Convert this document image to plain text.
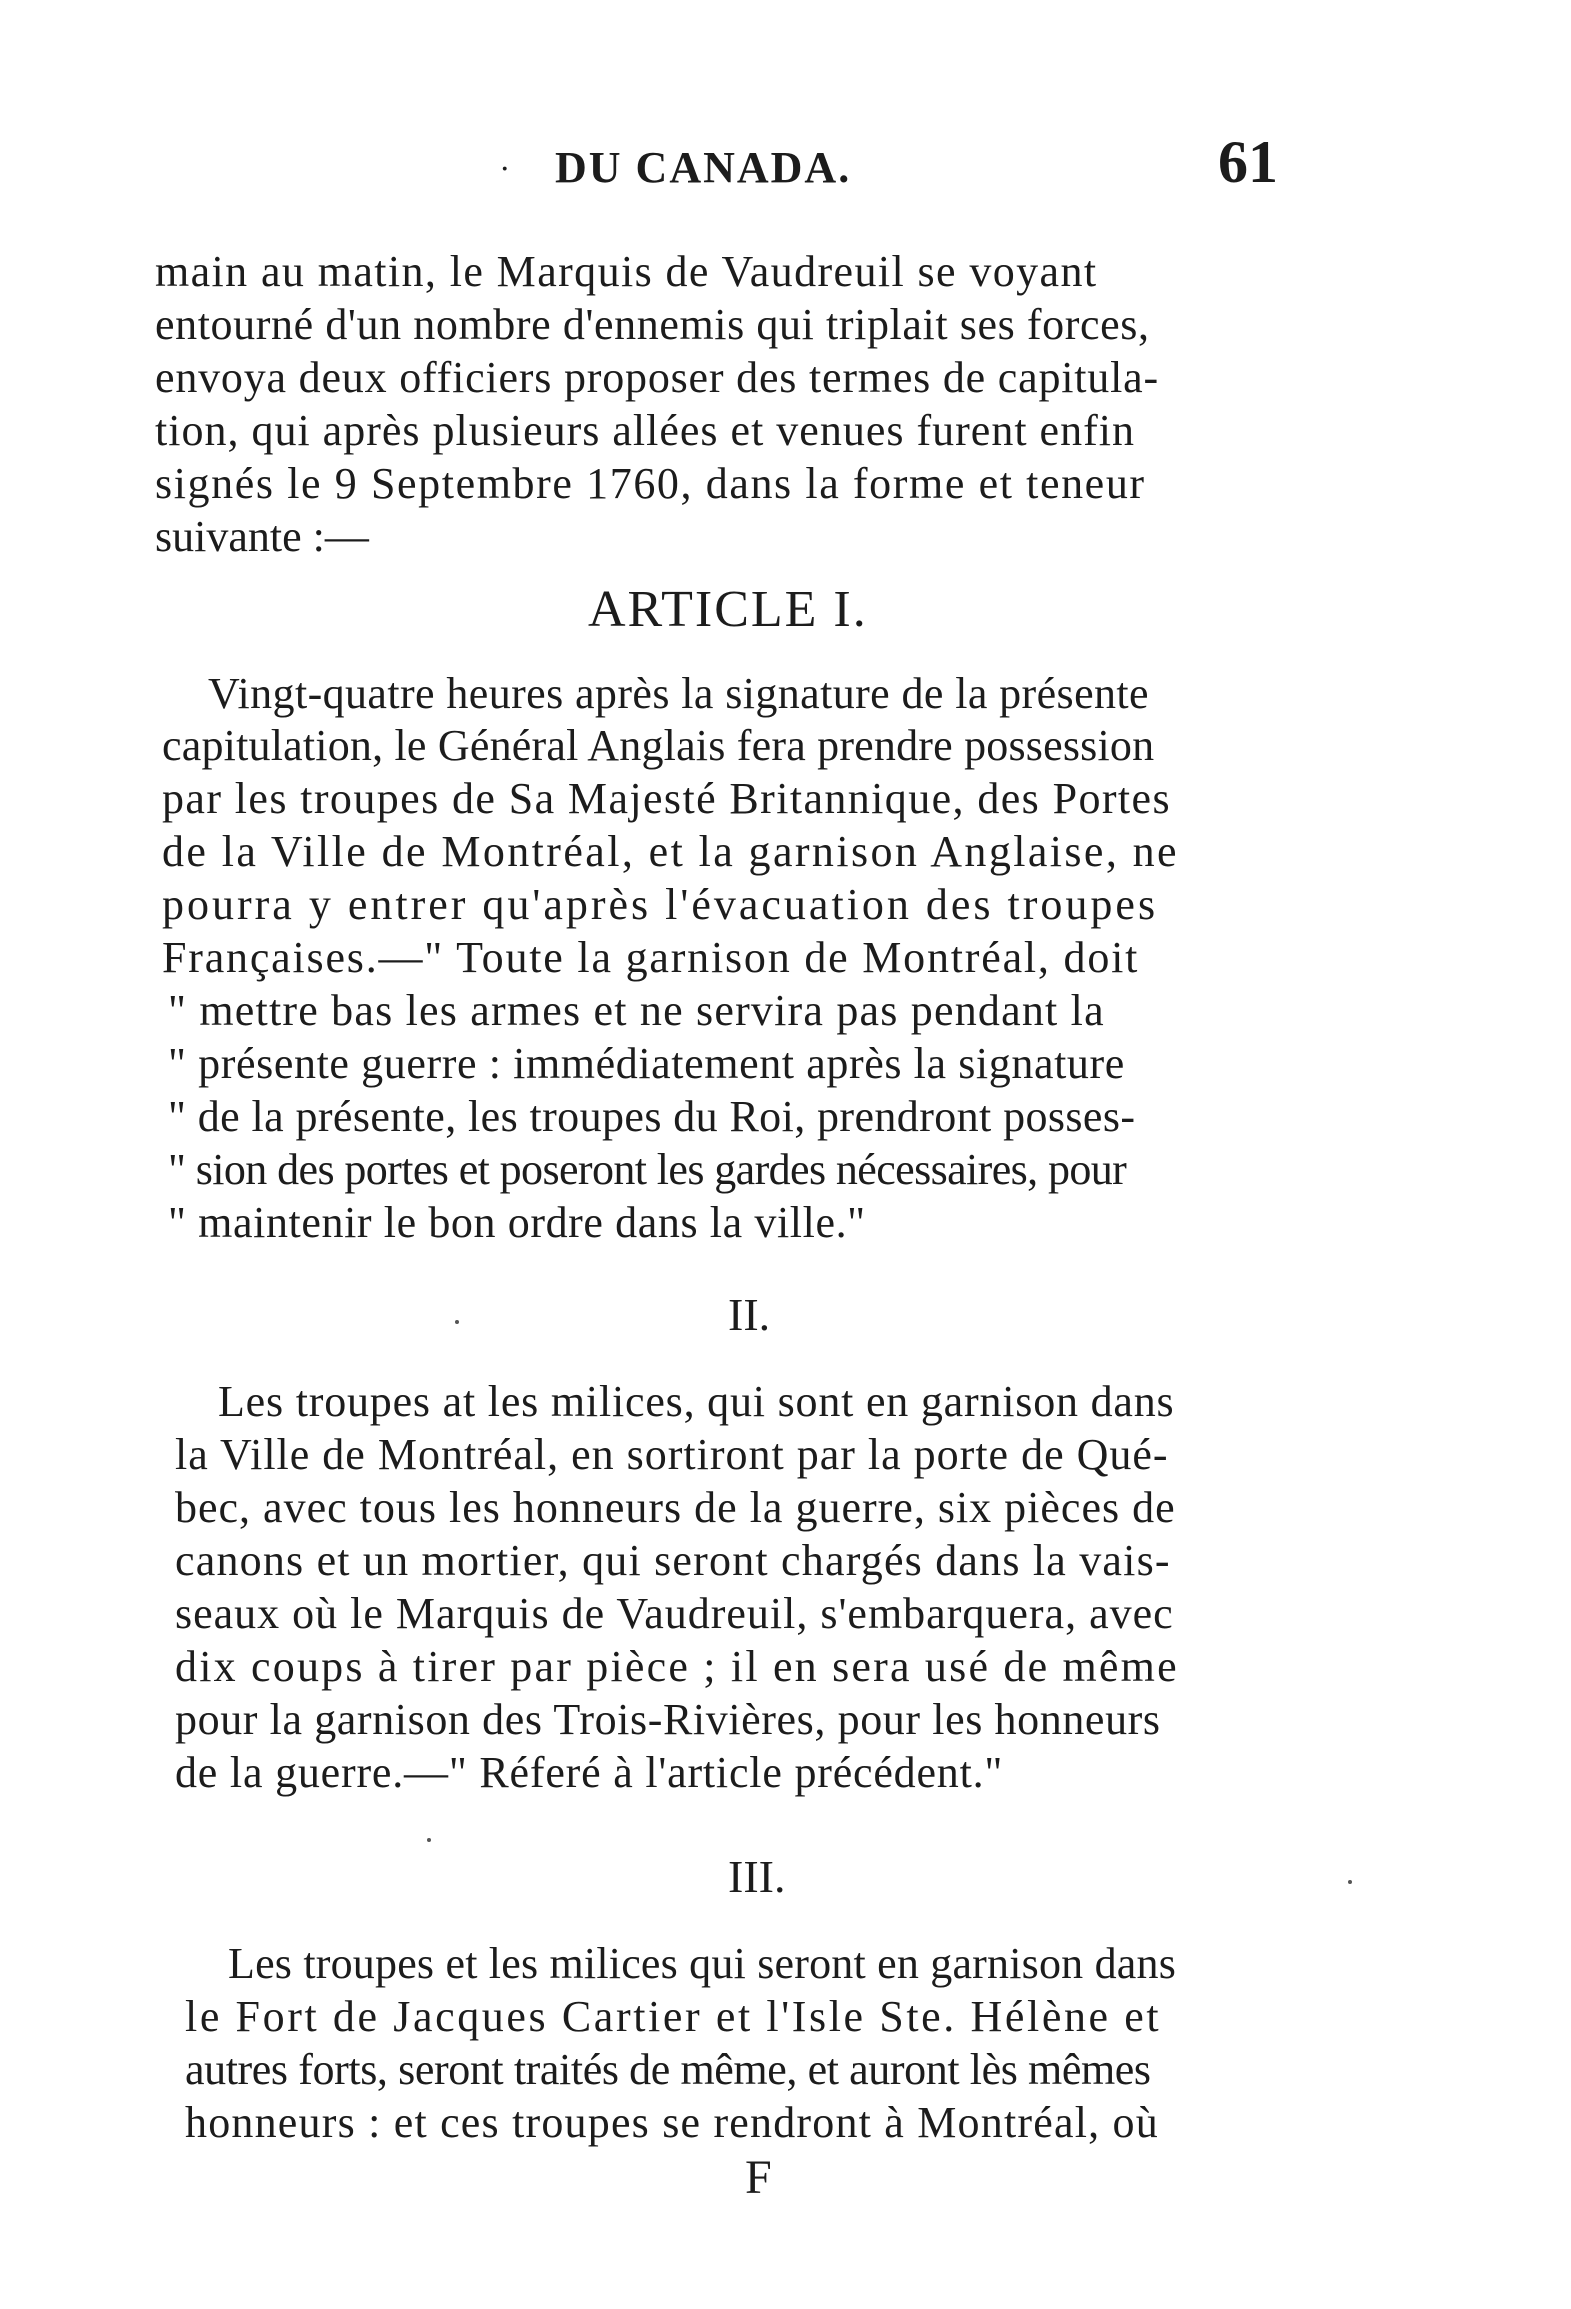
· DU CANADA.	61
main au matin, le Marquis de Vaudreuil se voyant
entourné d'un nombre d'ennemis qui triplait ses forces,
envoya deux officiers proposer des termes de capitula-
tion, qui après plusieurs allées et venues furent enfin
signés le 9 Septembre 1760, dans la forme et teneur
suivante :—
ARTICLE I.
Vingt-quatre heures après la signature de la présente
capitulation, le Général Anglais fera prendre possession
par les troupes de Sa Majesté Britannique, des Portes
de la Ville de Montréal, et la garnison Anglaise, ne
pourra y entrer qu'après l'évacuation des troupes
Françaises.—" Toute la garnison de Montréal, doit
" mettre bas les armes et ne servira pas pendant la
" présente guerre : immédiatement après la signature
" de la présente, les troupes du Roi, prendront posses-
" sion des portes et poseront les gardes nécessaires, pour
" maintenir le bon ordre dans la ville."
II.
Les troupes at les milices, qui sont en garnison dans
la Ville de Montréal, en sortiront par la porte de Qué-
bec, avec tous les honneurs de la guerre, six pièces de
canons et un mortier, qui seront chargés dans la vais-
seaux où le Marquis de Vaudreuil, s'embarquera, avec
dix coups à tirer par pièce ; il en sera usé de même
pour la garnison des Trois-Rivières, pour les honneurs
de la guerre.—" Réferé à l'article précédent."
III.
Les troupes et les milices qui seront en garnison dans
le Fort de Jacques Cartier et l'Isle Ste. Hélène et
autres forts, seront traités de même, et auront lès mêmes
honneurs : et ces troupes se rendront à Montréal, où
F
